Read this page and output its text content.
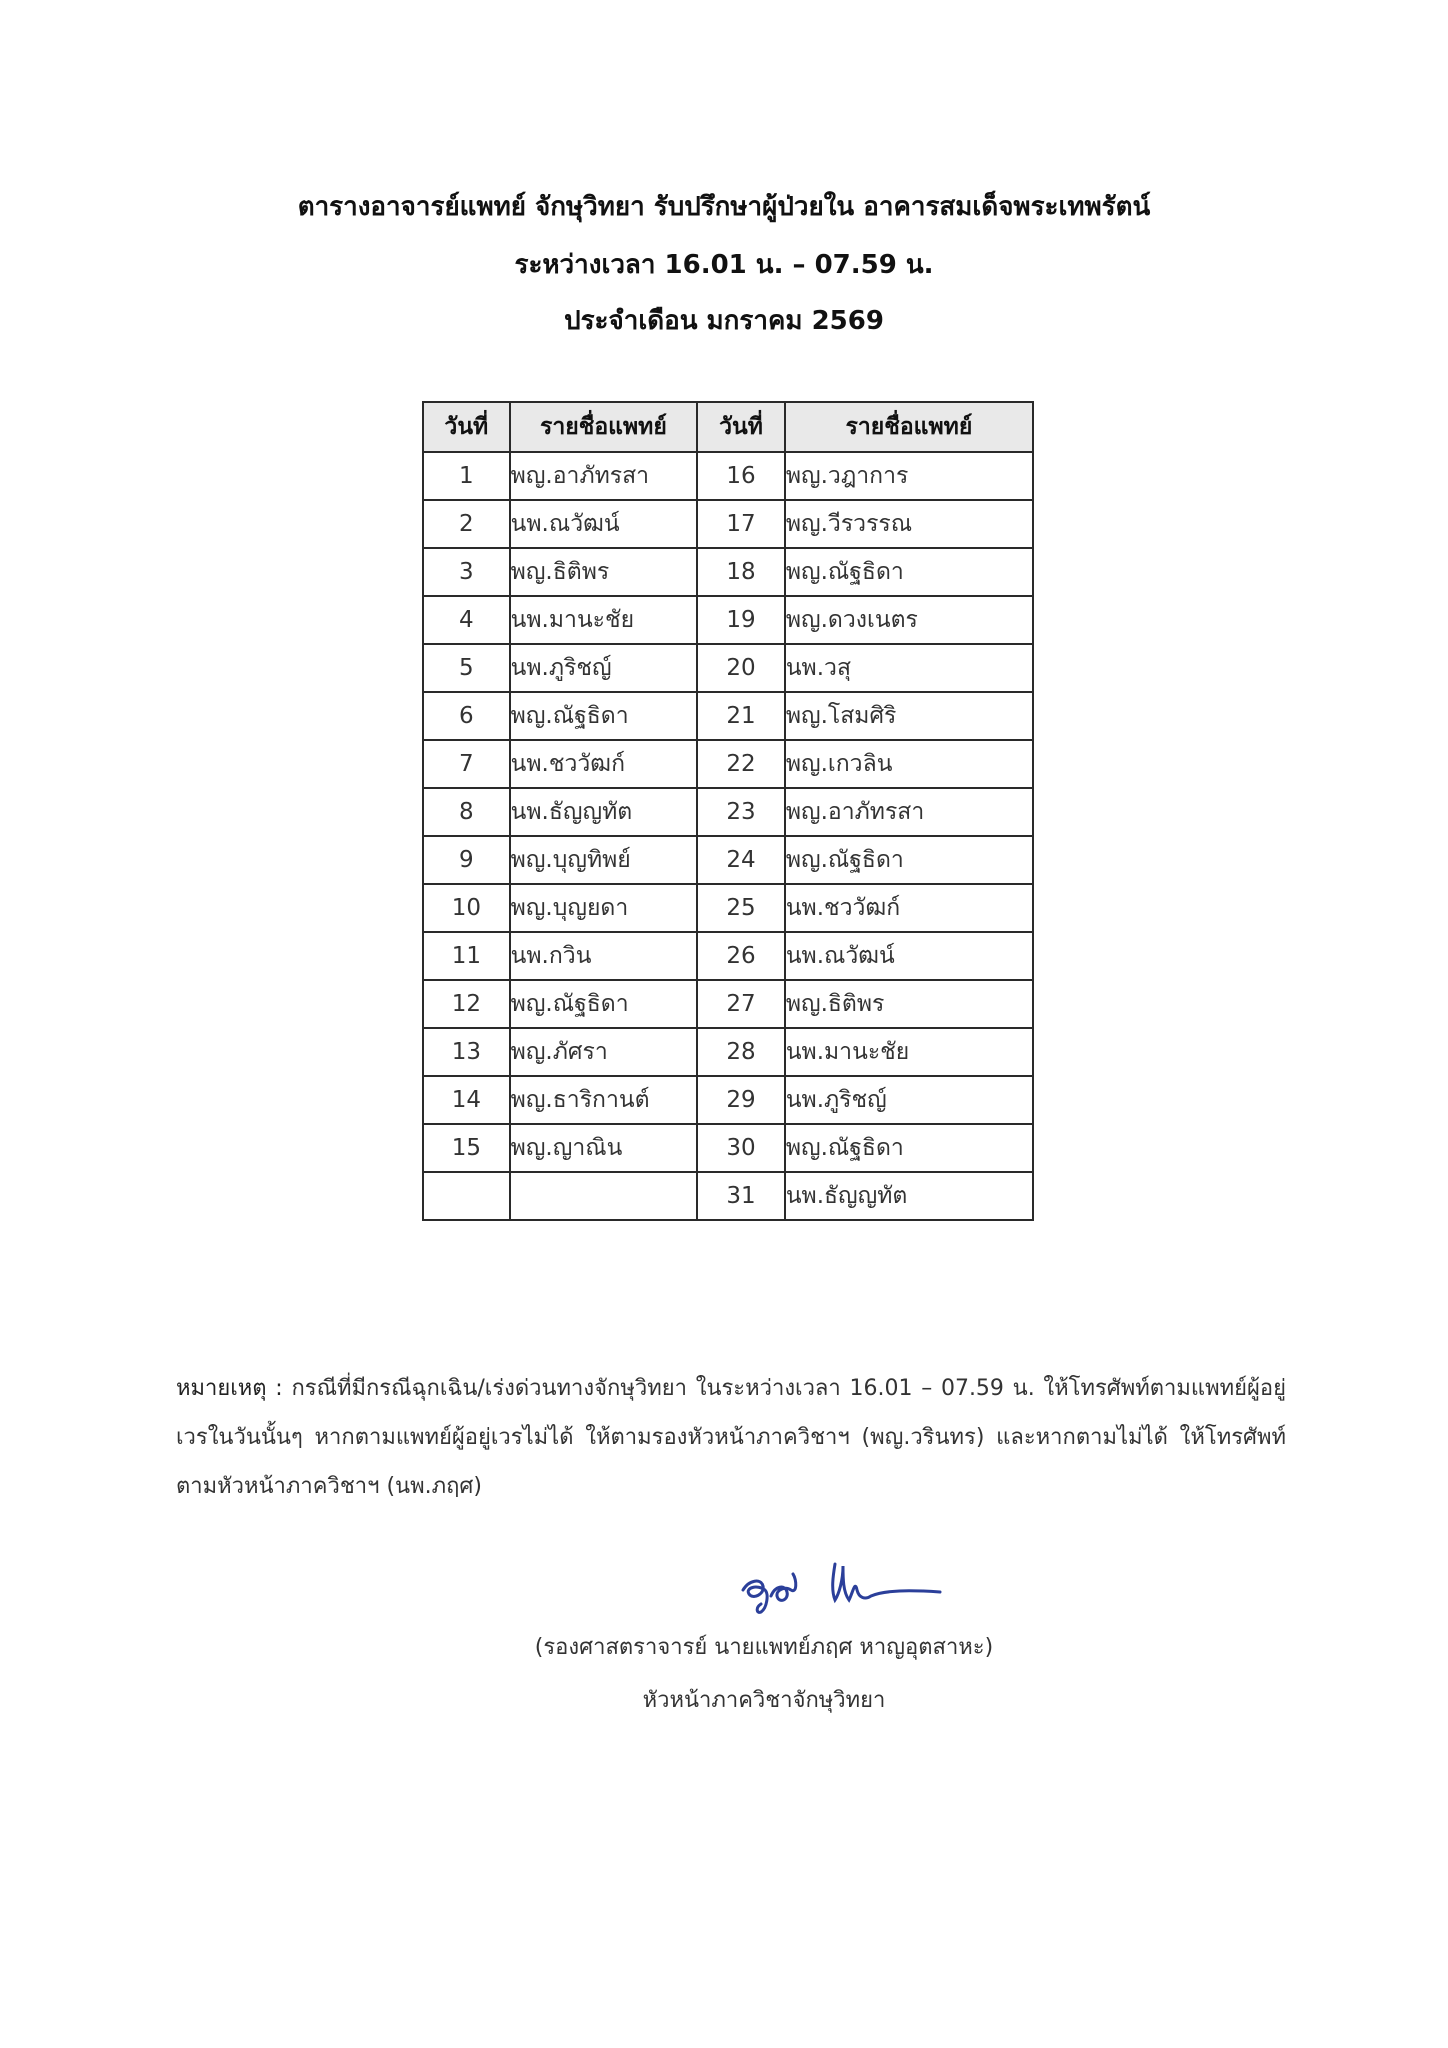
ตารางอาจารย์แพทย์ จักษุวิทยา รับปรึกษาผู้ป่วยใน อาคารสมเด็จพระเทพรัตน์
ระหว่างเวลา 16.01 น. – 07.59 น.
ประจำเดือน มกราคม 2569
วันที่	รายชื่อแพทย์	วันที่	รายชื่อแพทย์
1	พญ.อาภัทรสา	16	พญ.วฎาการ
2	นพ.ณวัฒน์	17	พญ.วีรวรรณ
3	พญ.ธิติพร	18	พญ.ณัฐธิดา
4	นพ.มานะชัย	19	พญ.ดวงเนตร
5	นพ.ภูริชญ์	20	นพ.วสุ
6	พญ.ณัฐธิดา	21	พญ.โสมศิริ
7	นพ.ชววัฒก์	22	พญ.เกวลิน
8	นพ.ธัญญทัต	23	พญ.อาภัทรสา
9	พญ.บุญทิพย์	24	พญ.ณัฐธิดา
10	พญ.บุญยดา	25	นพ.ชววัฒก์
11	นพ.กวิน	26	นพ.ณวัฒน์
12	พญ.ณัฐธิดา	27	พญ.ธิติพร
13	พญ.ภัศรา	28	นพ.มานะชัย
14	พญ.ธาริกานต์	29	นพ.ภูริชญ์
15	พญ.ญาณิน	30	พญ.ณัฐธิดา
		31	นพ.ธัญญทัต
หมายเหตุ : กรณีที่มีกรณีฉุกเฉิน/เร่งด่วนทางจักษุวิทยา ในระหว่างเวลา 16.01 – 07.59 น. ให้โทรศัพท์ตามแพทย์ผู้อยู่เวรในวันนั้นๆ หากตามแพทย์ผู้อยู่เวรไม่ได้ ให้ตามรองหัวหน้าภาควิชาฯ (พญ.วรินทร) และหากตามไม่ได้ ให้โทรศัพท์ตามหัวหน้าภาควิชาฯ (นพ.ภฤศ)
(รองศาสตราจารย์ นายแพทย์ภฤศ หาญอุตสาหะ)
หัวหน้าภาควิชาจักษุวิทยา
